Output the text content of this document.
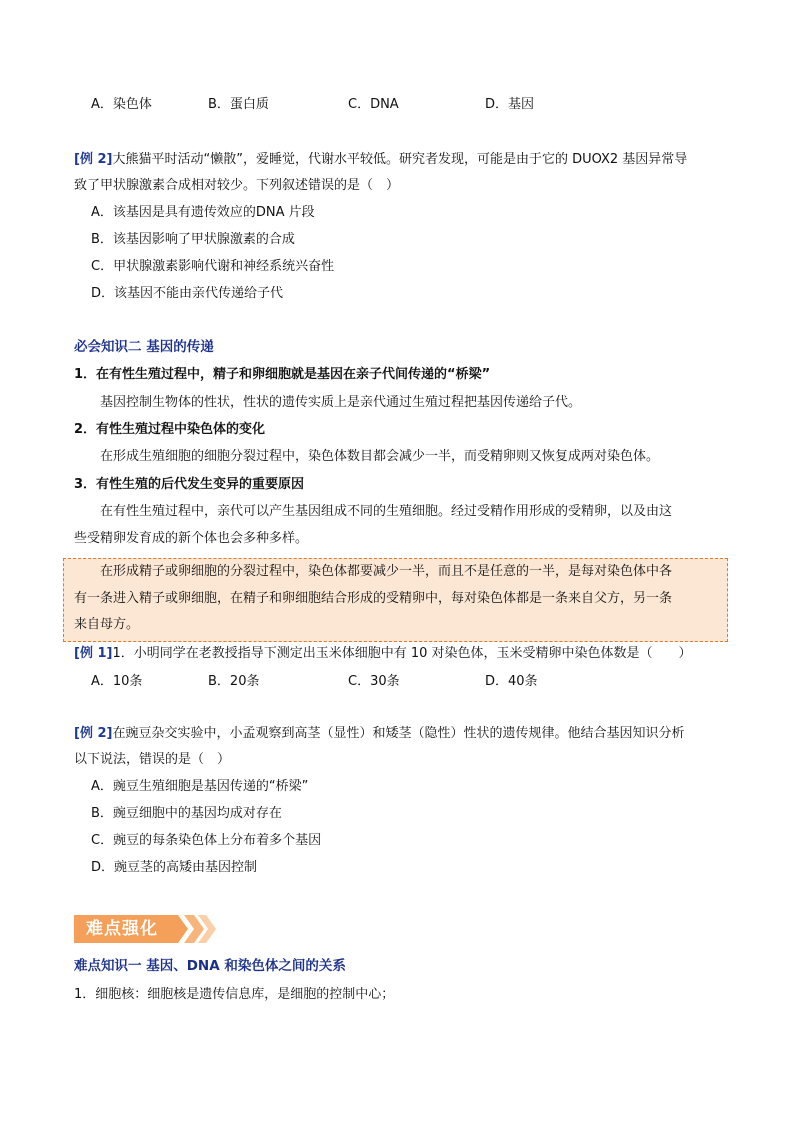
A．染色体	B．蛋白质	C．DNA	D．基因
[例 2]大熊猫平时活动“懒散”，爱睡觉，代谢水平较低。研究者发现，可能是由于它的 DUOX2 基因异常导
致了甲状腺激素合成相对较少。下列叙述错误的是（　）
A．该基因是具有遗传效应的DNA 片段
B．该基因影响了甲状腺激素的合成
C．甲状腺激素影响代谢和神经系统兴奋性
D．该基因不能由亲代传递给子代
必会知识二 基因的传递
1．在有性生殖过程中，精子和卵细胞就是基因在亲子代间传递的“桥梁”
基因控制生物体的性状，性状的遗传实质上是亲代通过生殖过程把基因传递给子代。
2．有性生殖过程中染色体的变化
在形成生殖细胞的细胞分裂过程中，染色体数目都会减少一半，而受精卵则又恢复成两对染色体。
3．有性生殖的后代发生变异的重要原因
在有性生殖过程中，亲代可以产生基因组成不同的生殖细胞。经过受精作用形成的受精卵，以及由这
些受精卵发育成的新个体也会多种多样。
在形成精子或卵细胞的分裂过程中，染色体都要减少一半，而且不是任意的一半，是每对染色体中各
有一条进入精子或卵细胞，在精子和卵细胞结合形成的受精卵中，每对染色体都是一条来自父方，另一条
来自母方。
[例 1]1．小明同学在老教授指导下测定出玉米体细胞中有 10 对染色体，玉米受精卵中染色体数是（　　）
A．10条	B．20条	C．30条	D．40条
[例 2]在豌豆杂交实验中，小孟观察到高茎（显性）和矮茎（隐性）性状的遗传规律。他结合基因知识分析
以下说法，错误的是（　）
A．豌豆生殖细胞是基因传递的“桥梁”
B．豌豆细胞中的基因均成对存在
C．豌豆的每条染色体上分布着多个基因
D．豌豆茎的高矮由基因控制
难点强化
难点知识一 基因、DNA 和染色体之间的关系
1．细胞核：细胞核是遗传信息库，是细胞的控制中心；
